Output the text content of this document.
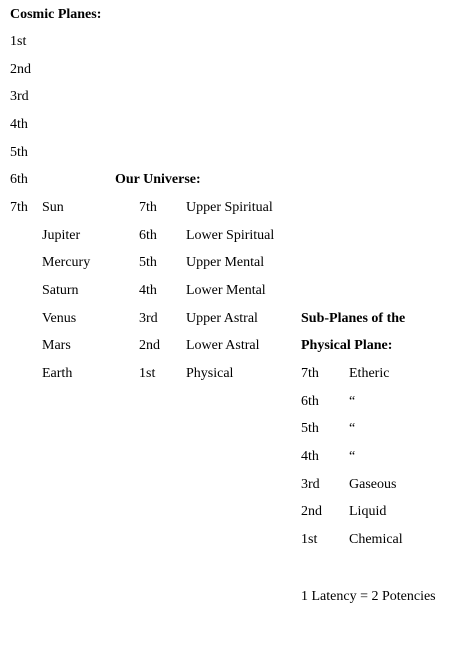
Cosmic Planes:
1st
2nd
3rd
4th
5th
6th
7th Sun
Jupiter
Mercury
Saturn
Venus
Mars
Earth
Our Universe:
7th Upper Spiritual
6th Lower Spiritual
5th Upper Mental
4th Lower Mental
3rd Upper Astral
2nd Lower Astral
1st Physical
Sub-Planes of the
Physical Plane:
7th Etheric
6th “
5th “
4th “
3rd Gaseous
2nd Liquid
1st Chemical
1 Latency = 2 Potencies
